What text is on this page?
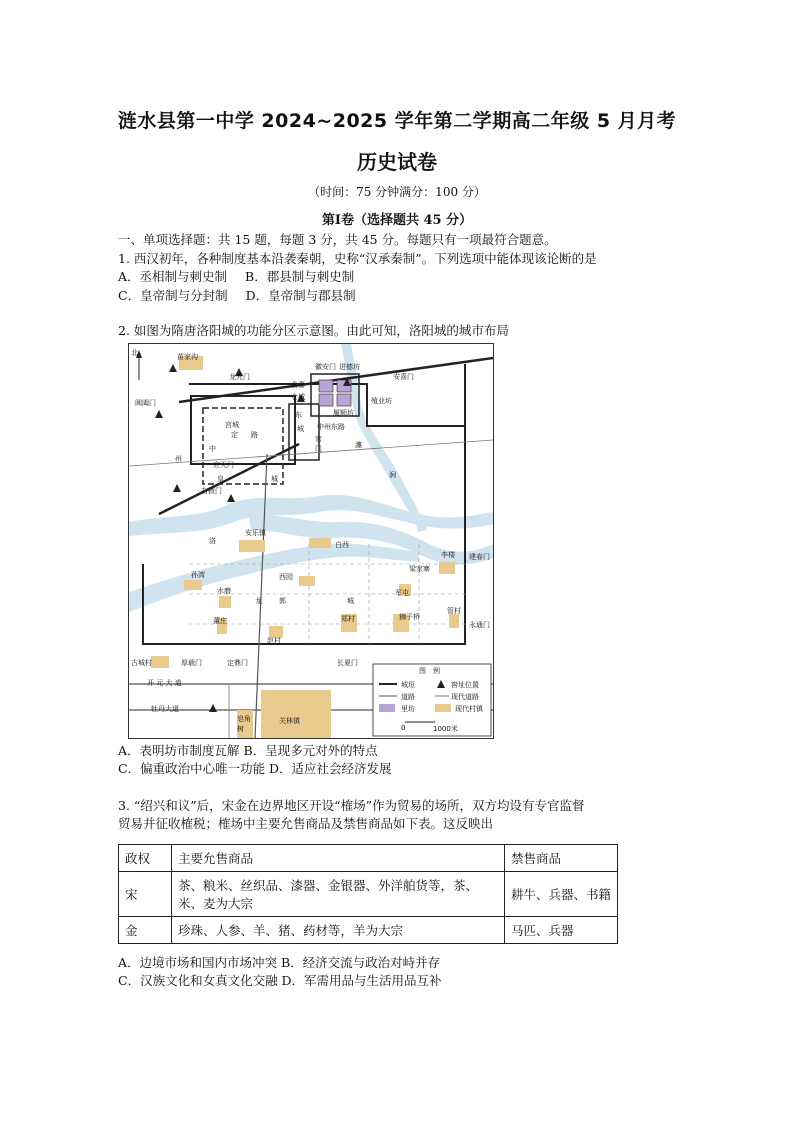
涟水县第一中学 2024~2025 学年第二学期高二年级 5 月月考
历史试卷
（时间：75 分钟满分：100 分）
第Ⅰ卷（选择题共 45 分）
一、单项选择题：共 15 题，每题 3 分，共 45 分。每题只有一项最符合题意。
1. 西汉初年，各种制度基本沿袭秦朝，史称“汉承秦制”。下列选项中能体现该论断的是
A．丞相制与刺史制 B．郡县制与刺史制
C．皇帝制与分封制 D．皇帝制与郡县制
2. 如图为隋唐洛阳城的功能分区示意图。由此可知，洛阳城的城市布局
北	苗家沟
龙光门
徽安门 进德坊
含嘉
仓城
安喜门
履顺坊
殖业坊
阊阖门
东
宫城
定 路
城 中州东路
官
门
中
州
应天门
皇	城
右掖门
瀍
涧
洛
安乐镇
白西
李楼
梁家寨
西园
孙湾
水磨
龙 郭	城
董庄
赵村
郑村	狮子桥
管村
军屯
古城村	厚载门	定鼎门	长夏门
建春门
永通门
开 元 大 道
牡丹大道
关林镇
皂角树
图　例
城垣	窖址位置
道路	现代道路
里坊	现代村镇
0	1000米
A．表明坊市制度瓦解 B．呈现多元对外的特点
C．偏重政治中心唯一功能 D．适应社会经济发展
3. “绍兴和议”后，宋金在边界地区开设“榷场”作为贸易的场所，双方均设有专官监督
贸易并征收榷税；榷场中主要允售商品及禁售商品如下表。这反映出
政权	主要允售商品	禁售商品
宋	茶、粮米、丝织品、漆器、金银器、外洋舶货等，茶、米、麦为大宗	耕牛、兵器、书籍
金	珍珠、人参、羊、猪、药材等，羊为大宗	马匹、兵器
A．边境市场和国内市场冲突 B．经济交流与政治对峙并存
C．汉族文化和女真文化交融 D．军需用品与生活用品互补
